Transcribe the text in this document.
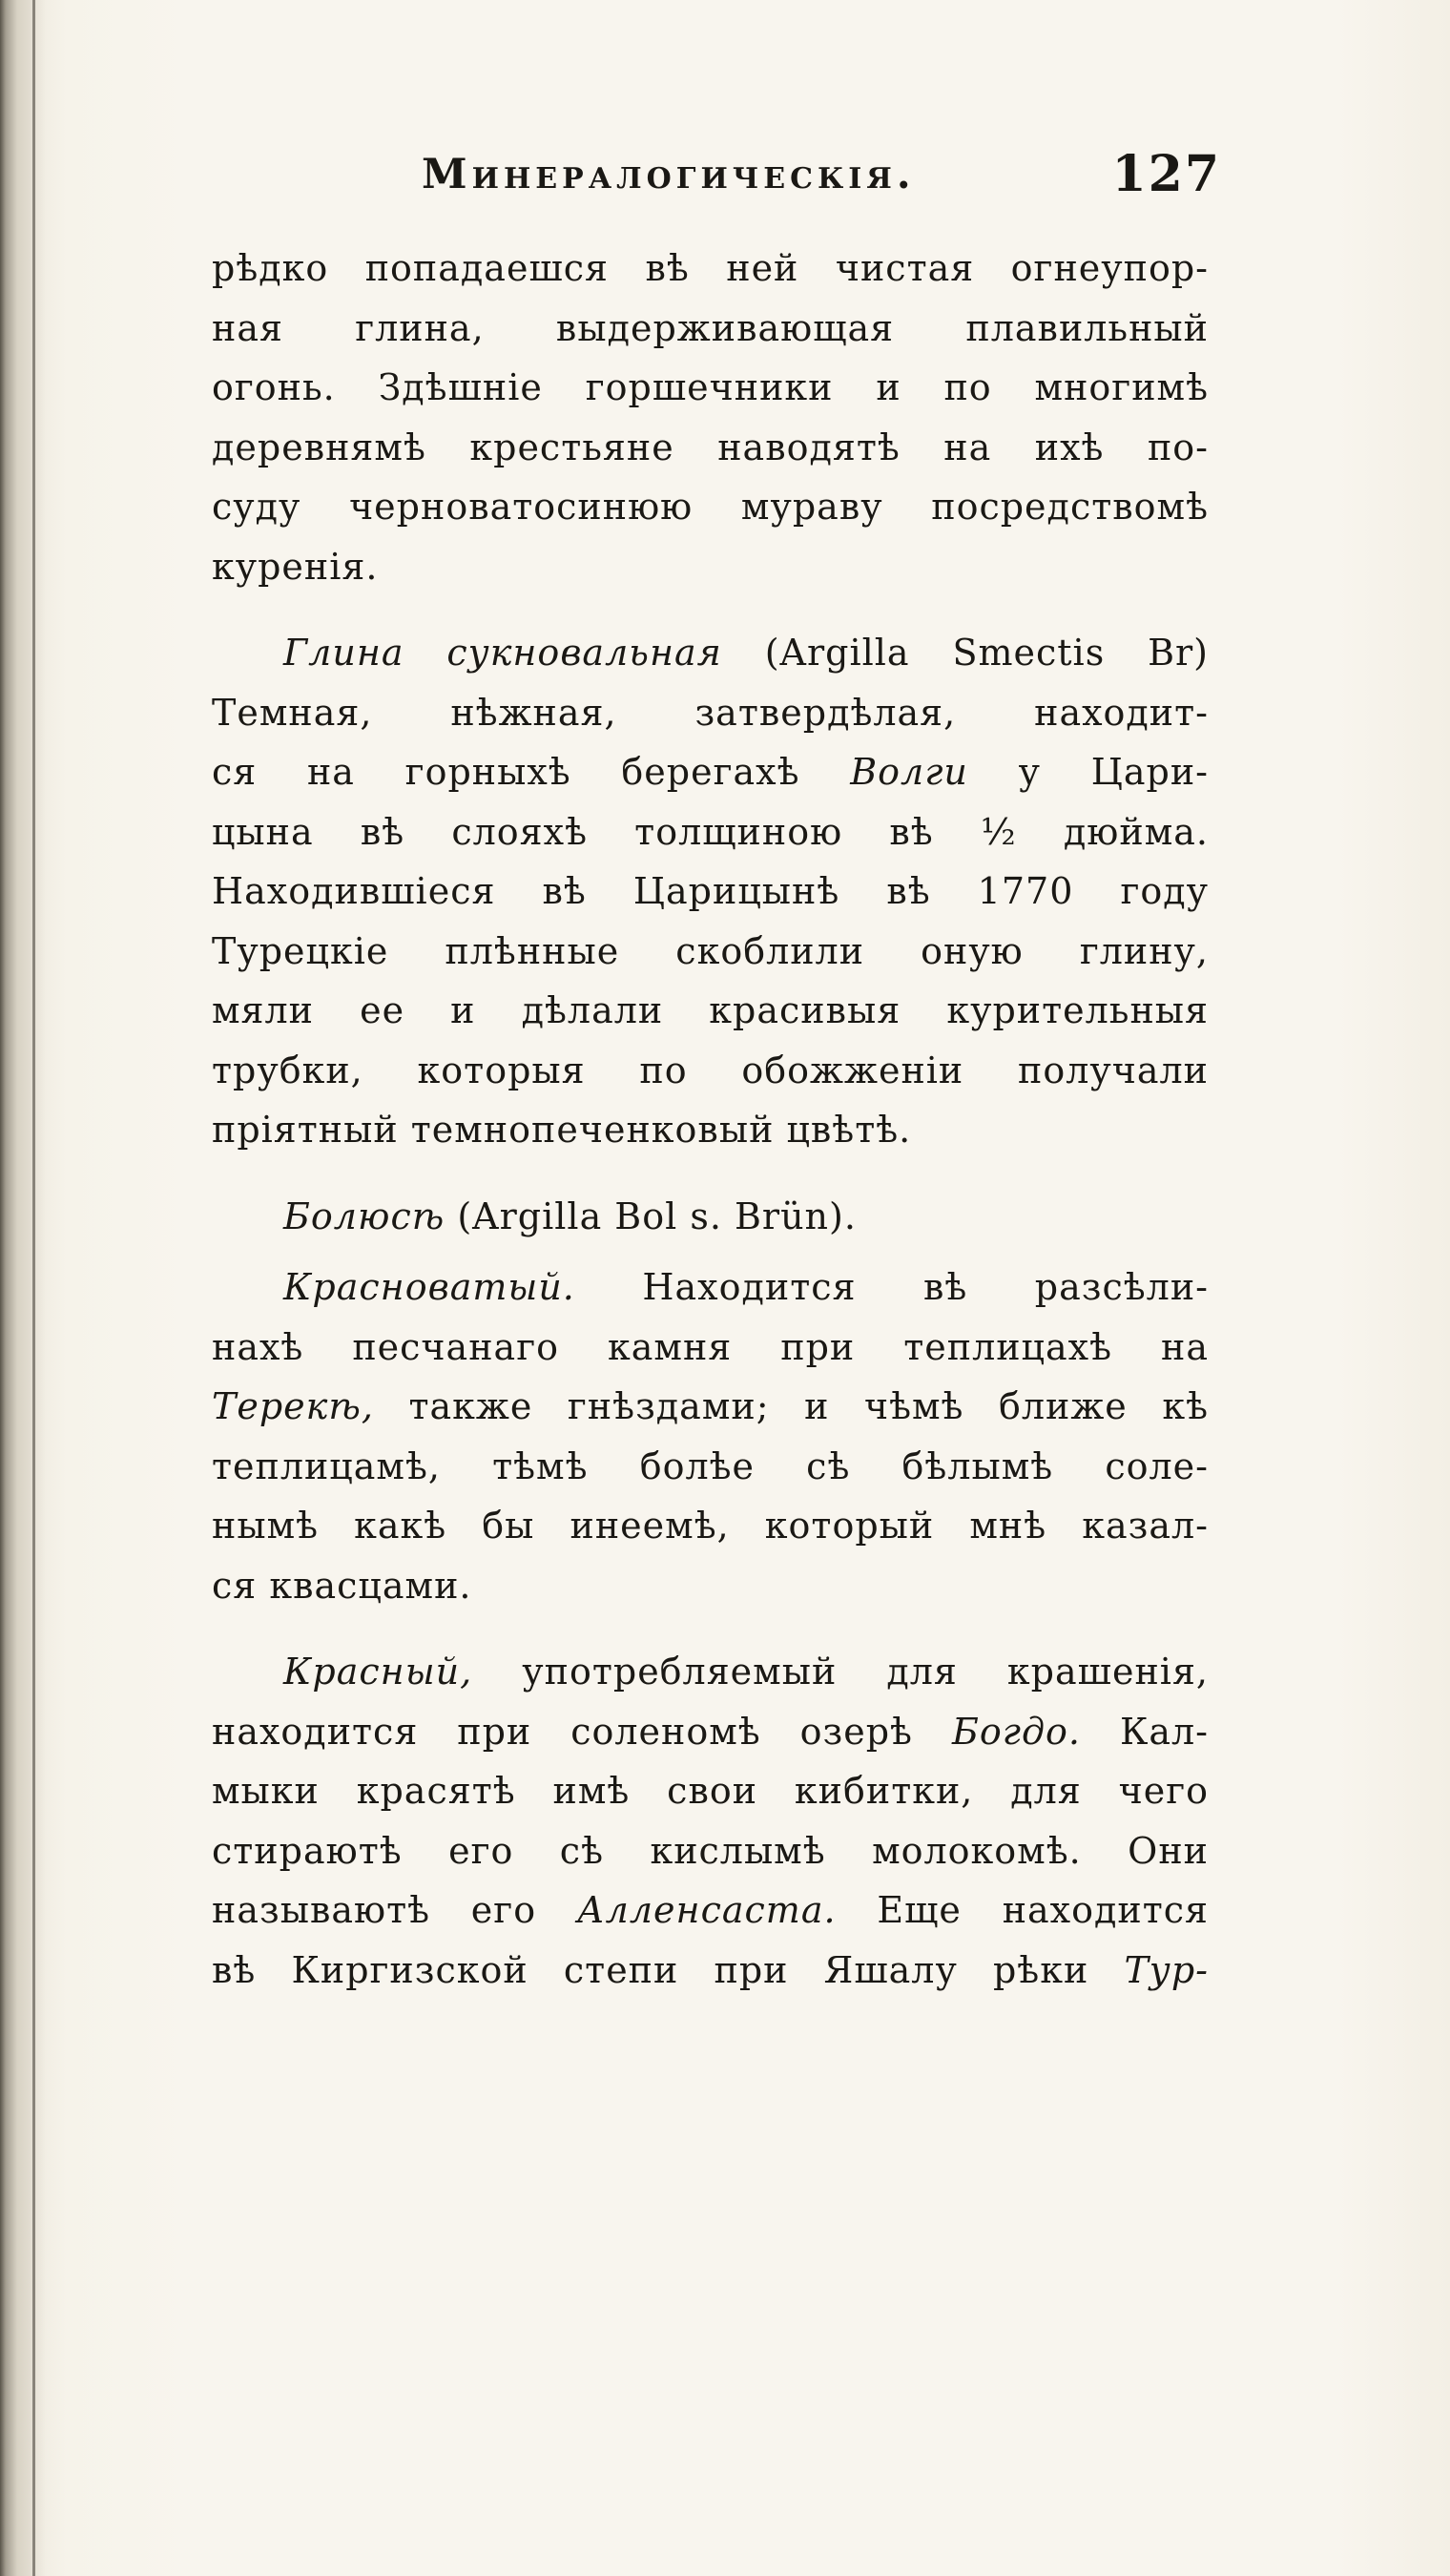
Минералогическія.	127
рѣдко попадаешся вѣ ней чистая огнеупор-
ная глина, выдерживающая плавильный
огонь. Здѣшніе горшечники и по многимѣ
деревнямѣ крестьяне наводятѣ на ихѣ по-
суду черноватосинюю мураву посредствомѣ
куренія.
Глина сукновальная (Argilla Smectis Br)
Темная, нѣжная, затвердѣлая, находит-
ся на горныхѣ берегахѣ Волги у Цари-
цына вѣ слояхѣ толщиною вѣ ½ дюйма.
Находившіеся вѣ Царицынѣ вѣ 1770 году
Турецкіе плѣнные скоблили оную глину,
мяли ее и дѣлали красивыя курительныя
трубки, которыя по обожженіи получали
пріятный темнопеченковый цвѣтѣ.
Болюсѣ (Argilla Bol s. Brün).
Красноватый. Находится вѣ разсѣли-
нахѣ песчанаго камня при теплицахѣ на
Терекѣ, также гнѣздами; и чѣмѣ ближе кѣ
теплицамѣ, тѣмѣ болѣе сѣ бѣлымѣ соле-
нымѣ какѣ бы инеемѣ, который мнѣ казал-
ся квасцами.
Красный, употребляемый для крашенія,
находится при соленомѣ озерѣ Богдо. Кал-
мыки красятѣ имѣ свои кибитки, для чего
стираютѣ его сѣ кислымѣ молокомѣ. Они
называютѣ его Алленсаста. Еще находится
вѣ Киргизской степи при Яшалу рѣки Тур-
